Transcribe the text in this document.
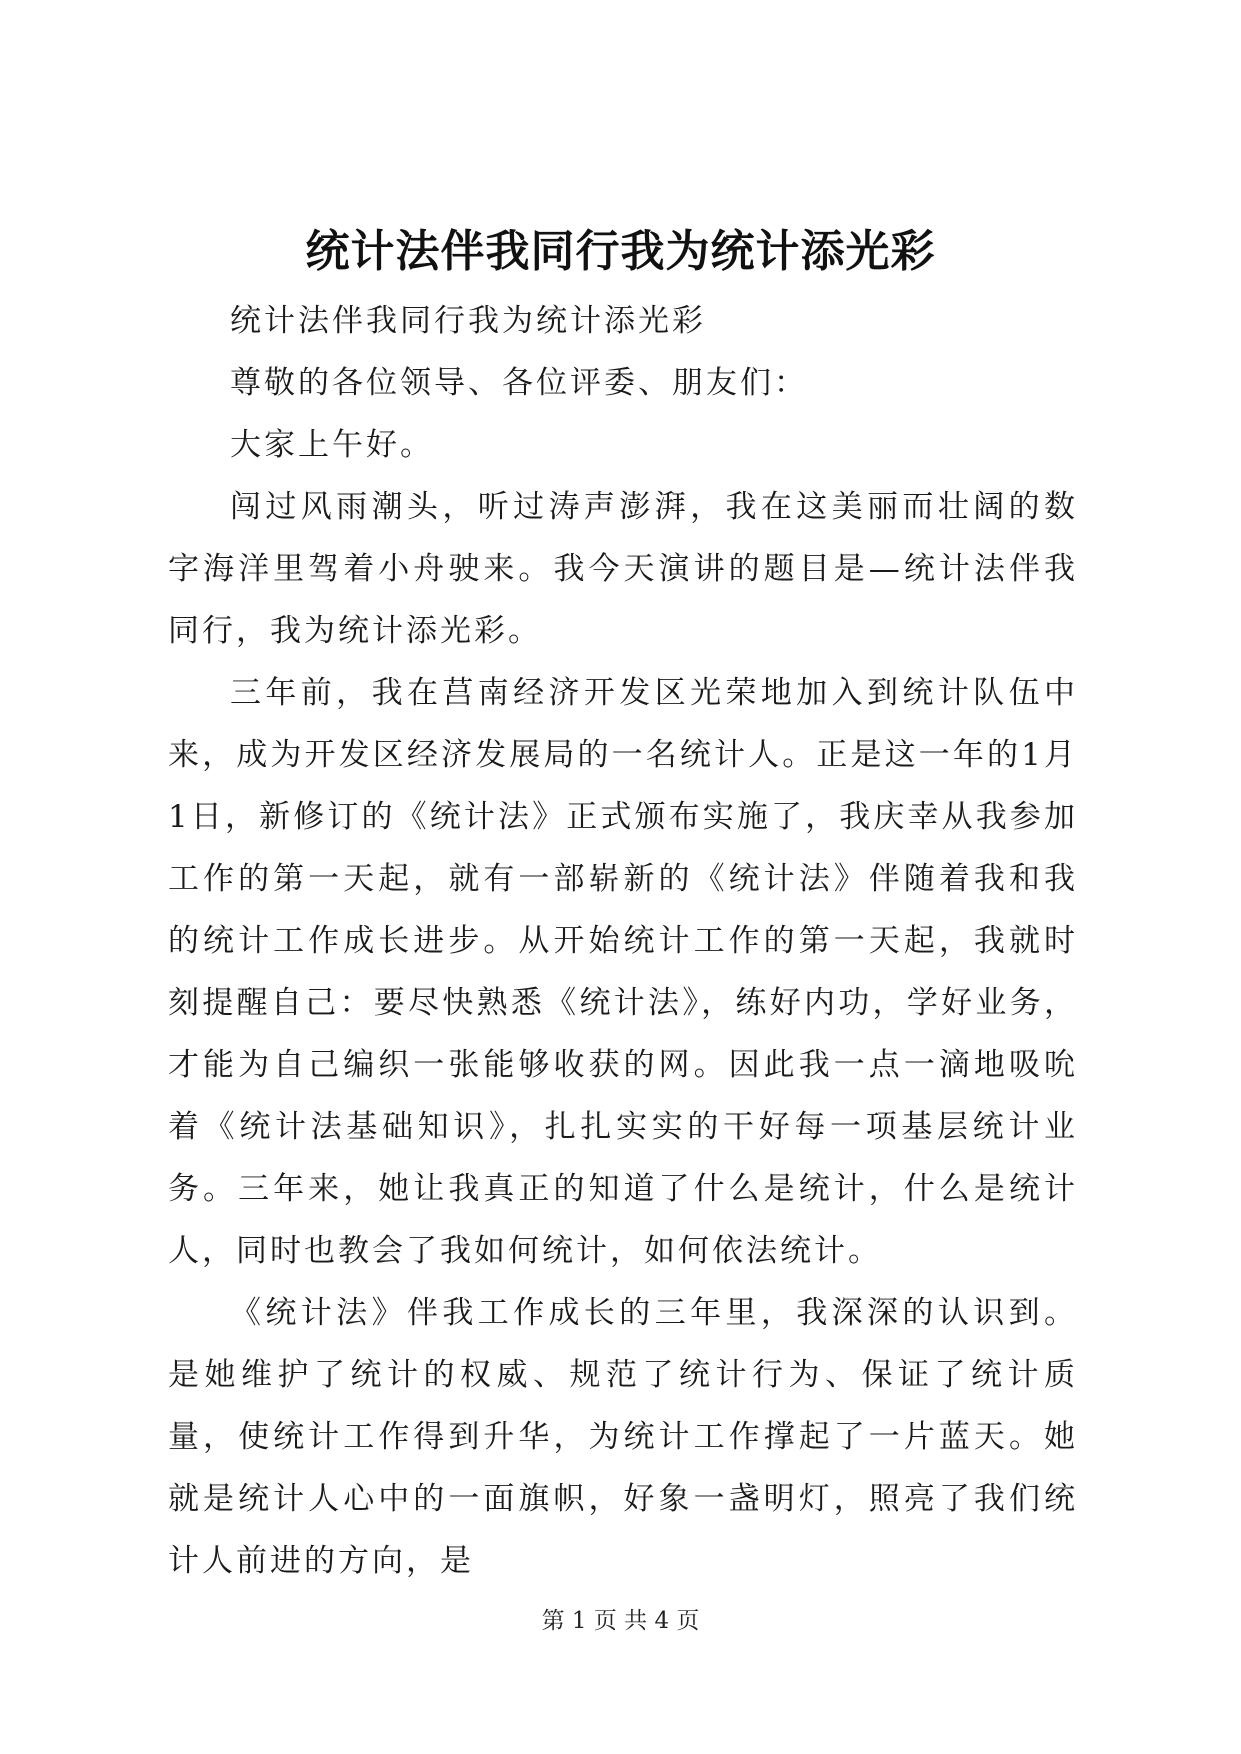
统计法伴我同行我为统计添光彩

统计法伴我同行我为统计添光彩

尊敬的各位领导、各位评委、朋友们：

大家上午好。

闯过风雨潮头，听过涛声澎湃，我在这美丽而壮阔的数字海洋里驾着小舟驶来。我今天演讲的题目是—统计法伴我同行，我为统计添光彩。

三年前，我在莒南经济开发区光荣地加入到统计队伍中来，成为开发区经济发展局的一名统计人。正是这一年的1月1日，新修订的《统计法》正式颁布实施了，我庆幸从我参加工作的第一天起，就有一部崭新的《统计法》伴随着我和我的统计工作成长进步。从开始统计工作的第一天起，我就时刻提醒自己：要尽快熟悉《统计法》，练好内功，学好业务，才能为自己编织一张能够收获的网。因此我一点一滴地吸吮着《统计法基础知识》，扎扎实实的干好每一项基层统计业务。三年来，她让我真正的知道了什么是统计，什么是统计人，同时也教会了我如何统计，如何依法统计。

《统计法》伴我工作成长的三年里，我深深的认识到。是她维护了统计的权威、规范了统计行为、保证了统计质量，使统计工作得到升华，为统计工作撑起了一片蓝天。她就是统计人心中的一面旗帜，好象一盏明灯，照亮了我们统计人前进的方向，是

第 1 页 共 4 页
